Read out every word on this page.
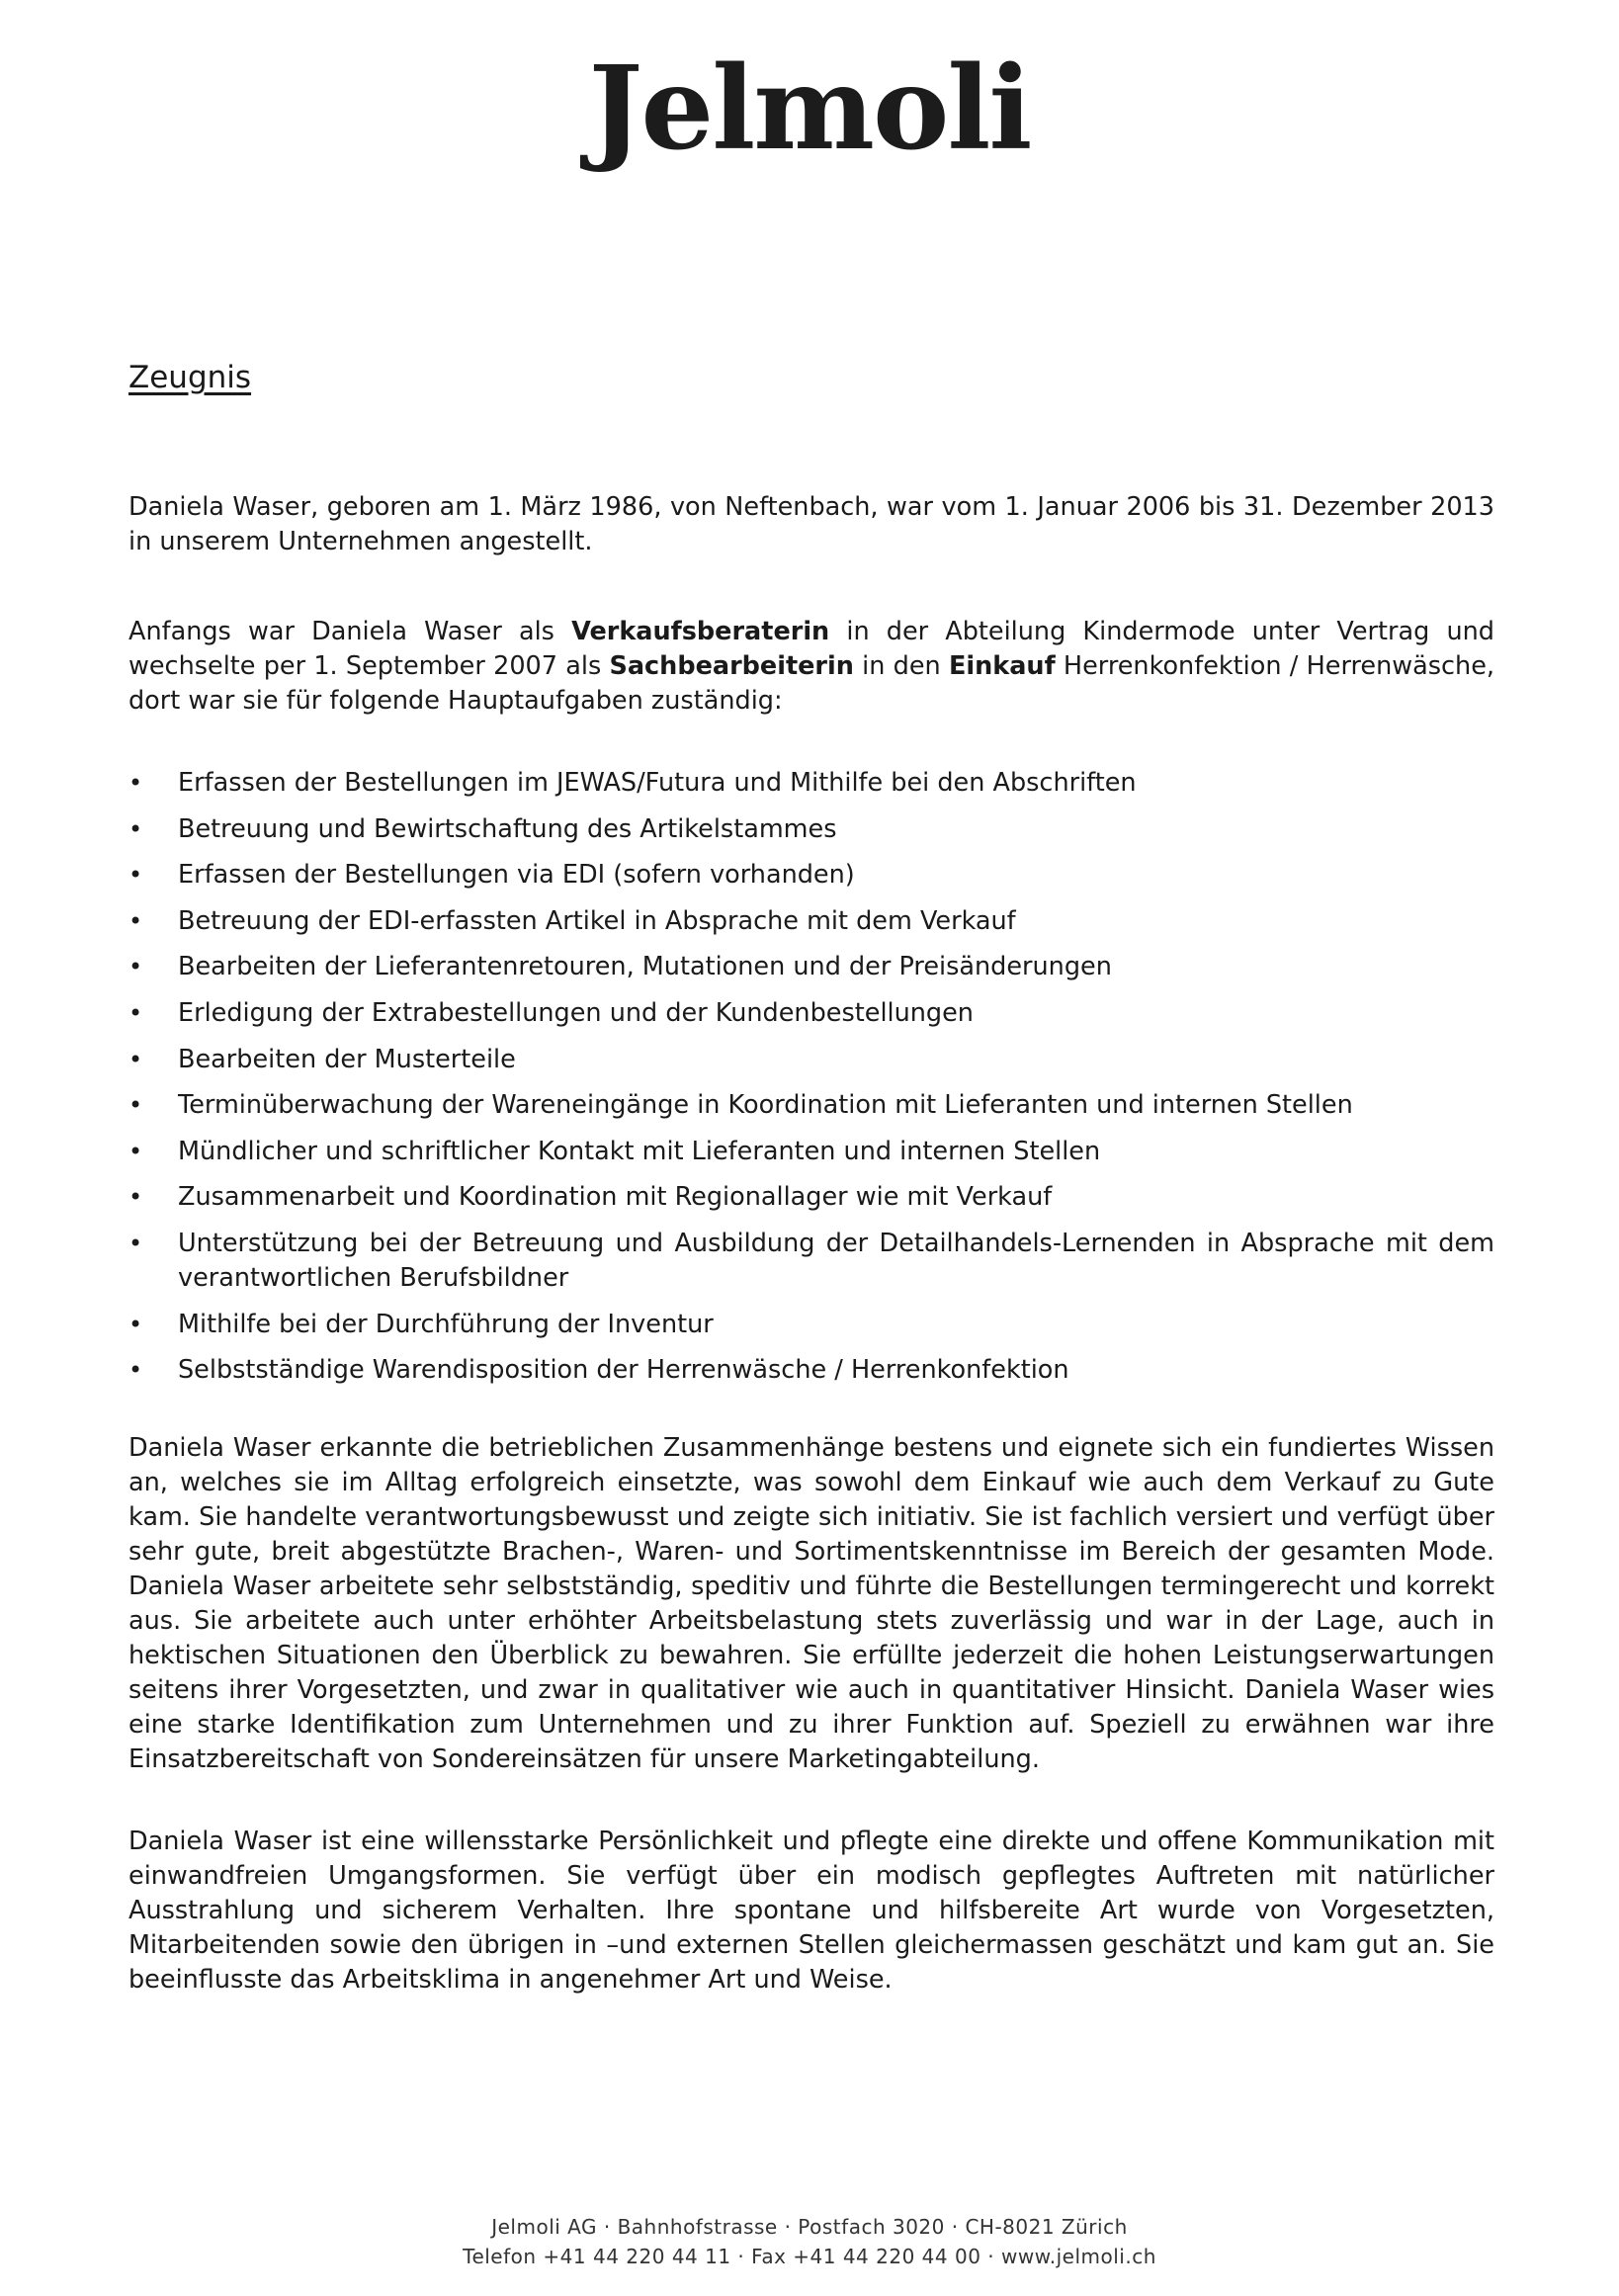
Jelmoli
Zeugnis

Daniela Waser, geboren am 1. März 1986, von Neftenbach, war vom 1. Januar 2006 bis 31. Dezember 2013 in unserem Unternehmen angestellt.

Anfangs war Daniela Waser als Verkaufsberaterin in der Abteilung Kindermode unter Vertrag und wechselte per 1. September 2007 als Sachbearbeiterin in den Einkauf Herrenkonfektion / Herrenwäsche, dort war sie für folgende Hauptaufgaben zuständig:

• Erfassen der Bestellungen im JEWAS/Futura und Mithilfe bei den Abschriften
• Betreuung und Bewirtschaftung des Artikelstammes
• Erfassen der Bestellungen via EDI (sofern vorhanden)
• Betreuung der EDI-erfassten Artikel in Absprache mit dem Verkauf
• Bearbeiten der Lieferantenretouren, Mutationen und der Preisänderungen
• Erledigung der Extrabestellungen und der Kundenbestellungen
• Bearbeiten der Musterteile
• Terminüberwachung der Wareneingänge in Koordination mit Lieferanten und internen Stellen
• Mündlicher und schriftlicher Kontakt mit Lieferanten und internen Stellen
• Zusammenarbeit und Koordination mit Regionallager wie mit Verkauf
• Unterstützung bei der Betreuung und Ausbildung der Detailhandels-Lernenden in Absprache mit dem verantwortlichen Berufsbildner
• Mithilfe bei der Durchführung der Inventur
• Selbstständige Warendisposition der Herrenwäsche / Herrenkonfektion

Daniela Waser erkannte die betrieblichen Zusammenhänge bestens und eignete sich ein fundiertes Wissen an, welches sie im Alltag erfolgreich einsetzte, was sowohl dem Einkauf wie auch dem Verkauf zu Gute kam. Sie handelte verantwortungsbewusst und zeigte sich initiativ. Sie ist fachlich versiert und verfügt über sehr gute, breit abgestützte Brachen-, Waren- und Sortimentskenntnisse im Bereich der gesamten Mode. Daniela Waser arbeitete sehr selbstständig, speditiv und führte die Bestellungen termingerecht und korrekt aus. Sie arbeitete auch unter erhöhter Arbeitsbelastung stets zuverlässig und war in der Lage, auch in hektischen Situationen den Überblick zu bewahren. Sie erfüllte jederzeit die hohen Leistungserwartungen seitens ihrer Vorgesetzten, und zwar in qualitativer wie auch in quantitativer Hinsicht. Daniela Waser wies eine starke Identifikation zum Unternehmen und zu ihrer Funktion auf. Speziell zu erwähnen war ihre Einsatzbereitschaft von Sondereinsätzen für unsere Marketingabteilung.

Daniela Waser ist eine willensstarke Persönlichkeit und pflegte eine direkte und offene Kommunikation mit einwandfreien Umgangsformen. Sie verfügt über ein modisch gepflegtes Auftreten mit natürlicher Ausstrahlung und sicherem Verhalten. Ihre spontane und hilfsbereite Art wurde von Vorgesetzten, Mitarbeitenden sowie den übrigen in –und externen Stellen gleichermassen geschätzt und kam gut an. Sie beeinflusste das Arbeitsklima in angenehmer Art und Weise.

Jelmoli AG · Bahnhofstrasse · Postfach 3020 · CH-8021 Zürich
Telefon +41 44 220 44 11 · Fax +41 44 220 44 00 · www.jelmoli.ch
